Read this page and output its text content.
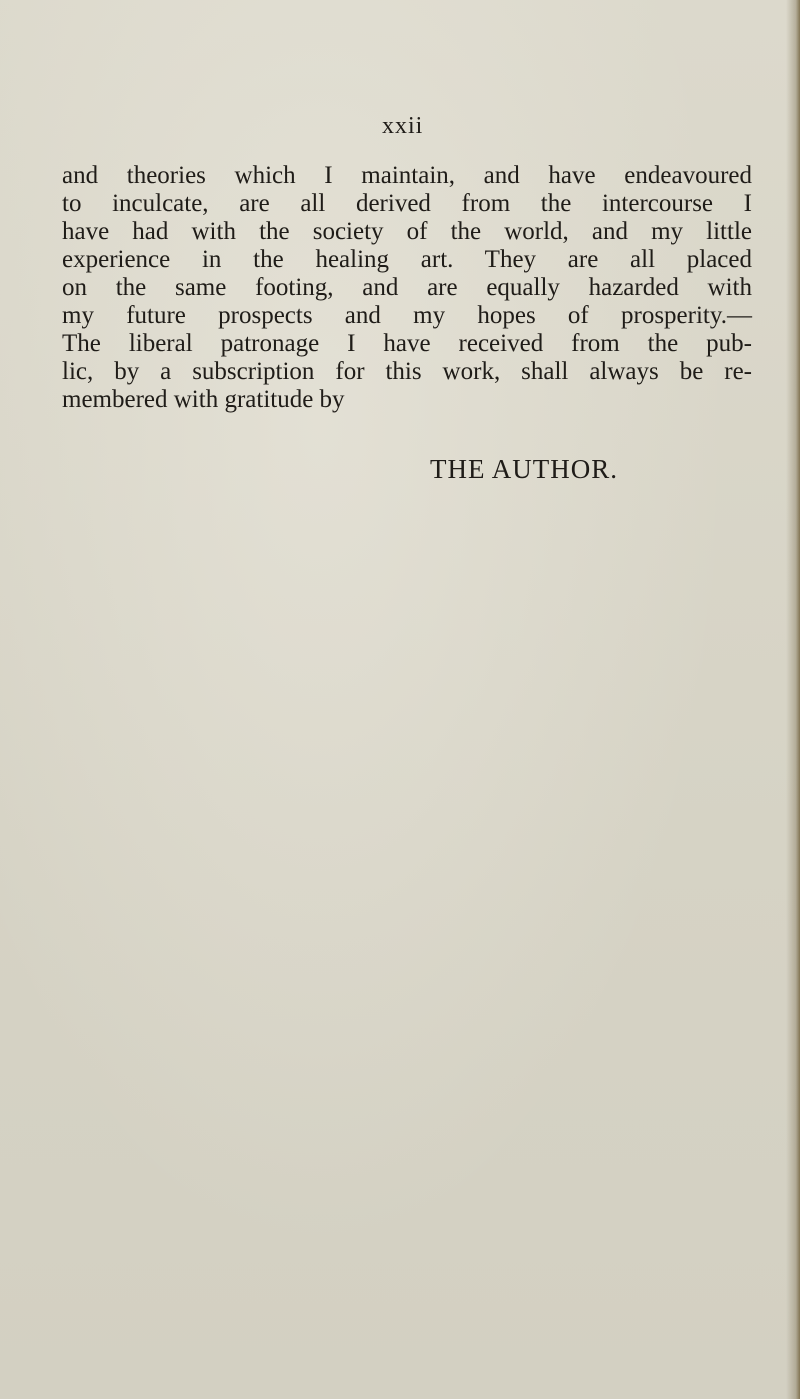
xxii

and theories which I maintain, and have endeavoured
to inculcate, are all derived from the intercourse I
have had with the society of the world, and my little
experience in the healing art. They are all placed
on the same footing, and are equally hazarded with
my future prospects and my hopes of prosperity.—
The liberal patronage I have received from the pub-
lic, by a subscription for this work, shall always be re-
membered with gratitude by

THE AUTHOR.
